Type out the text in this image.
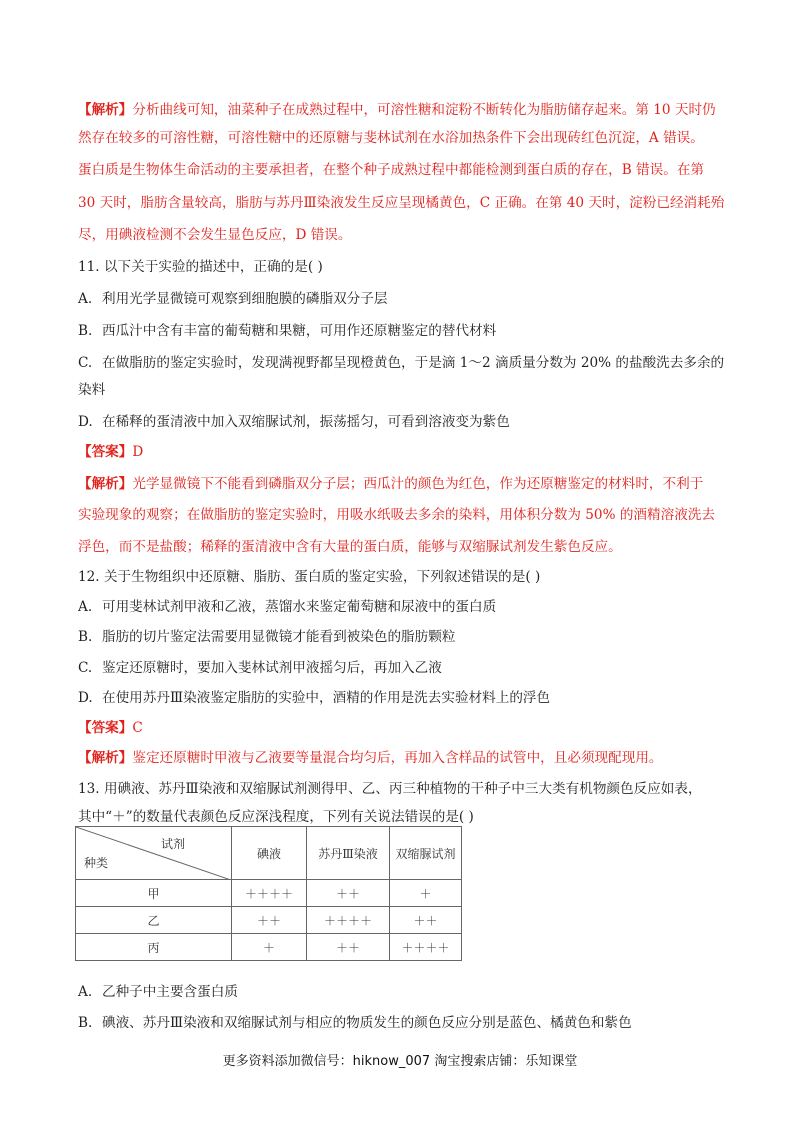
【解析】分析曲线可知，油菜种子在成熟过程中，可溶性糖和淀粉不断转化为脂肪储存起来。第 10 天时仍
然存在较多的可溶性糖，可溶性糖中的还原糖与斐林试剂在水浴加热条件下会出现砖红色沉淀，A 错误。
蛋白质是生物体生命活动的主要承担者，在整个种子成熟过程中都能检测到蛋白质的存在，B 错误。在第
30 天时，脂肪含量较高，脂肪与苏丹Ⅲ染液发生反应呈现橘黄色，C 正确。在第 40 天时，淀粉已经消耗殆
尽，用碘液检测不会发生显色反应，D 错误。
11. 以下关于实验的描述中，正确的是( )
A. 利用光学显微镜可观察到细胞膜的磷脂双分子层
B. 西瓜汁中含有丰富的葡萄糖和果糖，可用作还原糖鉴定的替代材料
C. 在做脂肪的鉴定实验时，发现满视野都呈现橙黄色，于是滴 1～2 滴质量分数为 20% 的盐酸洗去多余的
染料
D. 在稀释的蛋清液中加入双缩脲试剂，振荡摇匀，可看到溶液变为紫色
【答案】D
【解析】光学显微镜下不能看到磷脂双分子层；西瓜汁的颜色为红色，作为还原糖鉴定的材料时，不利于
实验现象的观察；在做脂肪的鉴定实验时，用吸水纸吸去多余的染料，用体积分数为 50% 的酒精溶液洗去
浮色，而不是盐酸；稀释的蛋清液中含有大量的蛋白质，能够与双缩脲试剂发生紫色反应。
12. 关于生物组织中还原糖、脂肪、蛋白质的鉴定实验，下列叙述错误的是( )
A. 可用斐林试剂甲液和乙液，蒸馏水来鉴定葡萄糖和尿液中的蛋白质
B. 脂肪的切片鉴定法需要用显微镜才能看到被染色的脂肪颗粒
C. 鉴定还原糖时，要加入斐林试剂甲液摇匀后，再加入乙液
D. 在使用苏丹Ⅲ染液鉴定脂肪的实验中，酒精的作用是洗去实验材料上的浮色
【答案】C
【解析】鉴定还原糖时甲液与乙液要等量混合均匀后，再加入含样品的试管中，且必须现配现用。
13. 用碘液、苏丹Ⅲ染液和双缩脲试剂测得甲、乙、丙三种植物的干种子中三大类有机物颜色反应如表，
其中“＋”的数量代表颜色反应深浅程度，下列有关说法错误的是( )
试剂
种类	碘液	苏丹Ⅲ染液	双缩脲试剂
甲	＋＋＋＋	＋＋	＋
乙	＋＋	＋＋＋＋	＋＋
丙	＋	＋＋	＋＋＋＋
A. 乙种子中主要含蛋白质
B. 碘液、苏丹Ⅲ染液和双缩脲试剂与相应的物质发生的颜色反应分别是蓝色、橘黄色和紫色
更多资料添加微信号：hiknow_007 淘宝搜索店铺：乐知课堂
